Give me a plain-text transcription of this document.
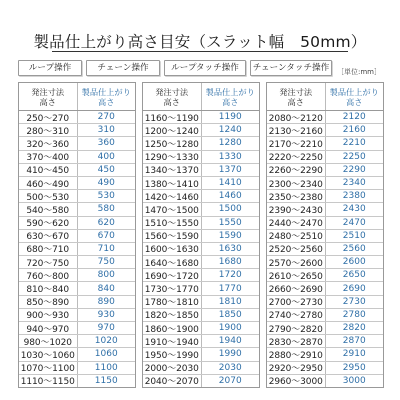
製品仕上がり高さ目安（スラット幅　50mm）
ループ操作	チェーン操作	ループタッチ操作	チェーンタッチ操作	［単位:mm］
発注寸法
高さ
製品仕上がり
高さ
250〜270	270
280〜310	310
320〜360	360
370〜400	400
410〜450	450
460〜490	490
500〜530	530
540〜580	580
590〜620	620
630〜670	670
680〜710	710
720〜750	750
760〜800	800
810〜840	840
850〜890	890
900〜930	930
940〜970	970
980〜1020	1020
1030〜1060	1060
1070〜1100	1100
1110〜1150	1150
発注寸法
高さ
製品仕上がり
高さ
1160〜1190	1190
1200〜1240	1240
1250〜1280	1280
1290〜1330	1330
1340〜1370	1370
1380〜1410	1410
1420〜1460	1460
1470〜1500	1500
1510〜1550	1550
1560〜1590	1590
1600〜1630	1630
1640〜1680	1680
1690〜1720	1720
1730〜1770	1770
1780〜1810	1810
1820〜1850	1850
1860〜1900	1900
1910〜1940	1940
1950〜1990	1990
2000〜2030	2030
2040〜2070	2070
発注寸法
高さ
製品仕上がり
高さ
2080〜2120	2120
2130〜2160	2160
2170〜2210	2210
2220〜2250	2250
2260〜2290	2290
2300〜2340	2340
2350〜2380	2380
2390〜2430	2430
2440〜2470	2470
2480〜2510	2510
2520〜2560	2560
2570〜2600	2600
2610〜2650	2650
2660〜2690	2690
2700〜2730	2730
2740〜2780	2780
2790〜2820	2820
2830〜2870	2870
2880〜2910	2910
2920〜2950	2950
2960〜3000	3000
